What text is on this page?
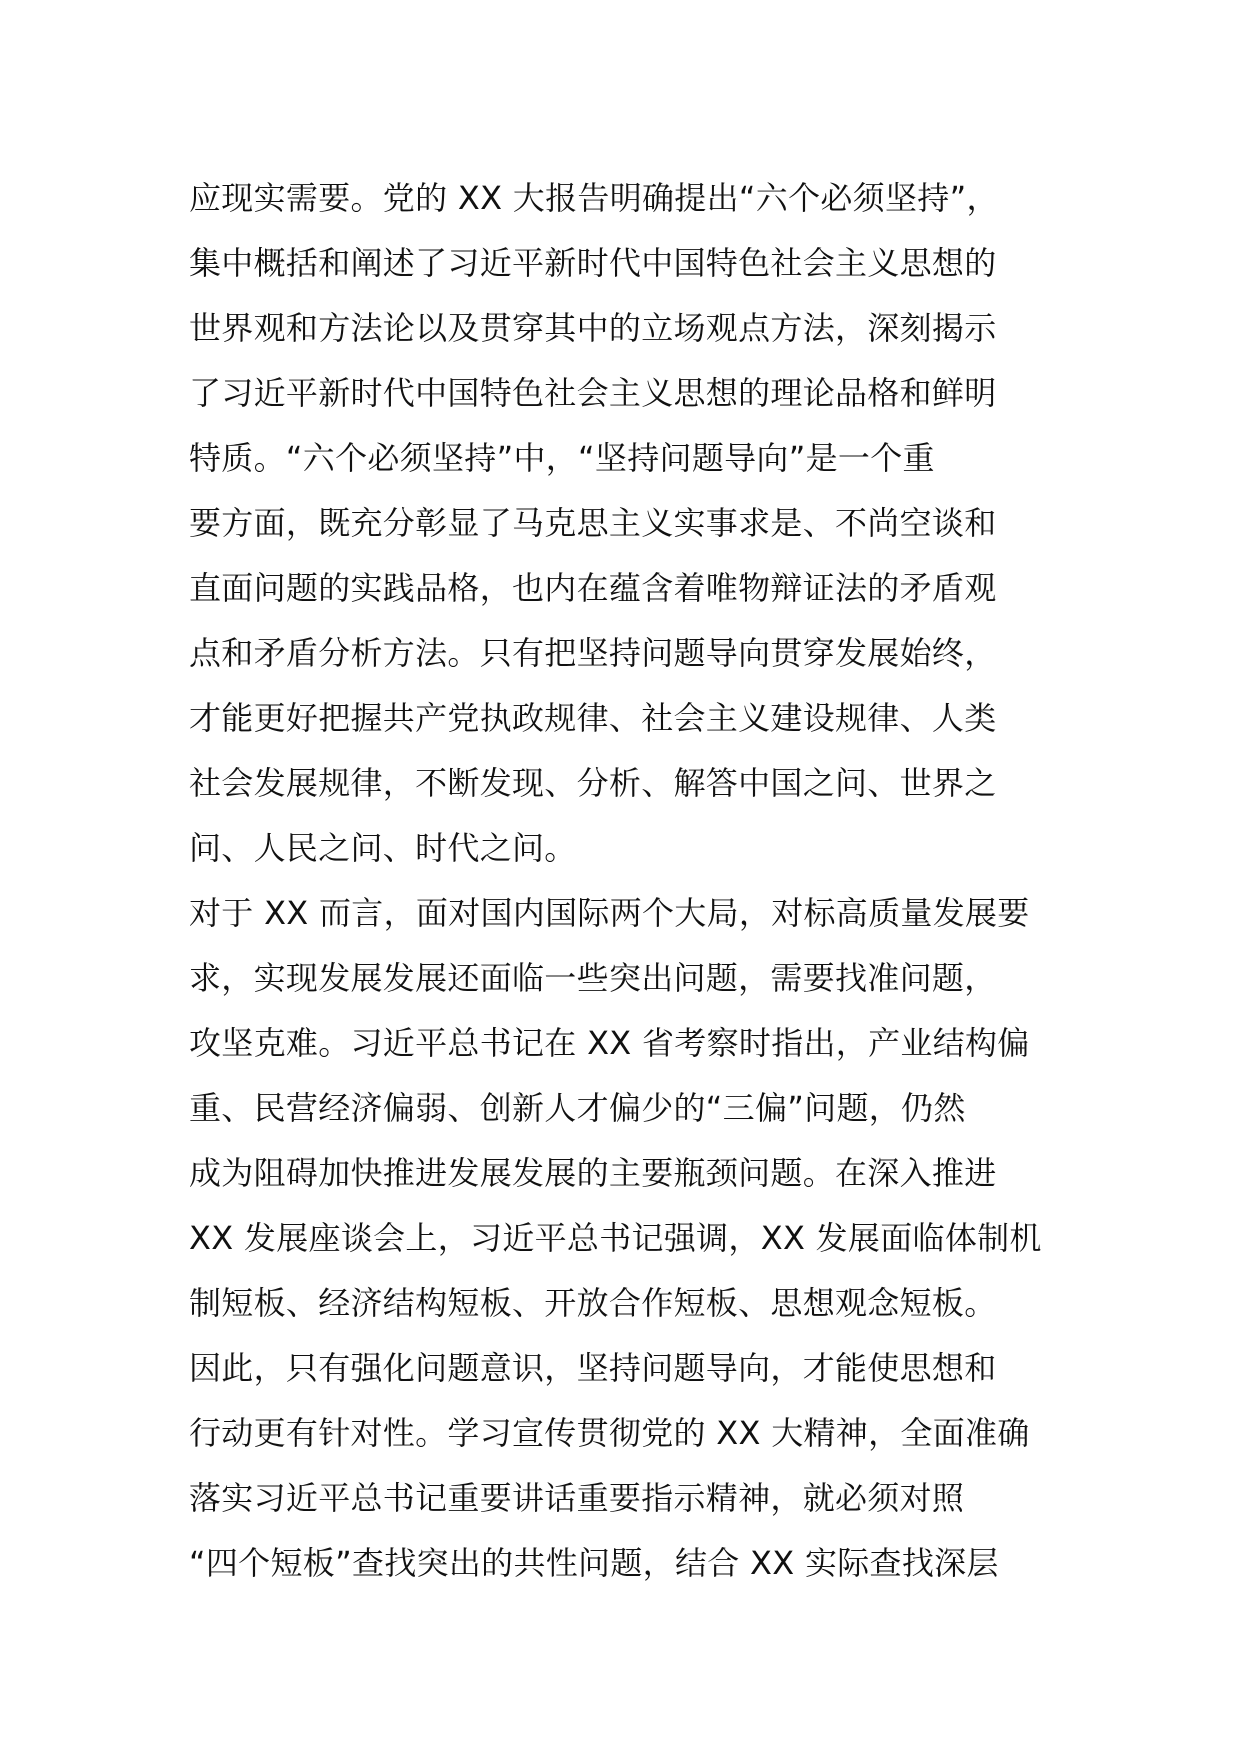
应现实需要。党的 XX 大报告明确提出“六个必须坚持”，
集中概括和阐述了习近平新时代中国特色社会主义思想的
世界观和方法论以及贯穿其中的立场观点方法，深刻揭示
了习近平新时代中国特色社会主义思想的理论品格和鲜明
特质。“六个必须坚持”中，“坚持问题导向”是一个重
要方面，既充分彰显了马克思主义实事求是、不尚空谈和
直面问题的实践品格，也内在蕴含着唯物辩证法的矛盾观
点和矛盾分析方法。只有把坚持问题导向贯穿发展始终，
才能更好把握共产党执政规律、社会主义建设规律、人类
社会发展规律，不断发现、分析、解答中国之问、世界之
问、人民之问、时代之问。
对于 XX 而言，面对国内国际两个大局，对标高质量发展要
求，实现发展发展还面临一些突出问题，需要找准问题，
攻坚克难。习近平总书记在 XX 省考察时指出，产业结构偏
重、民营经济偏弱、创新人才偏少的“三偏”问题，仍然
成为阻碍加快推进发展发展的主要瓶颈问题。在深入推进
XX 发展座谈会上，习近平总书记强调，XX 发展面临体制机
制短板、经济结构短板、开放合作短板、思想观念短板。
因此，只有强化问题意识，坚持问题导向，才能使思想和
行动更有针对性。学习宣传贯彻党的 XX 大精神，全面准确
落实习近平总书记重要讲话重要指示精神，就必须对照
“四个短板”查找突出的共性问题，结合 XX 实际查找深层
